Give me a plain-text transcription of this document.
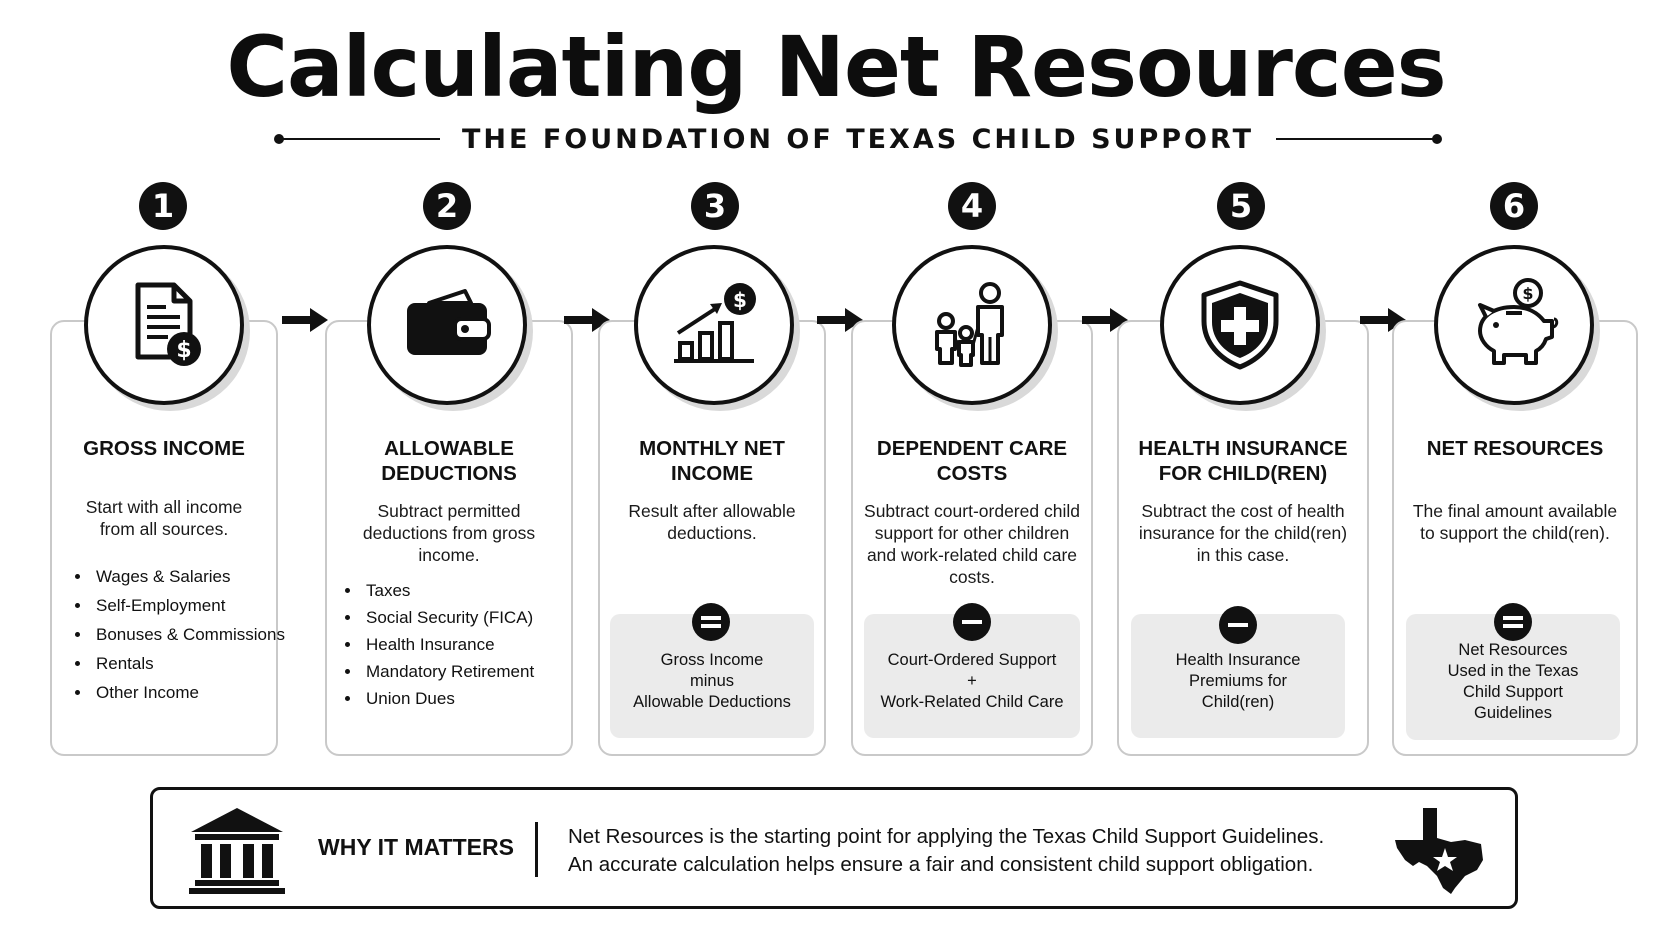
Calculating Net Resources
THE FOUNDATION OF TEXAS CHILD SUPPORT
1
$
GROSS INCOME
Start with all income from all sources.
• Wages & Salaries
• Self-Employment
• Bonuses & Commissions
• Rentals
• Other Income
2
ALLOWABLE DEDUCTIONS
Subtract permitted deductions from gross income.
• Taxes
• Social Security (FICA)
• Health Insurance
• Mandatory Retirement
• Union Dues
3
$
MONTHLY NET INCOME
Result after allowable deductions.
Gross Income
minus
Allowable Deductions
4
DEPENDENT CARE COSTS
Subtract court-ordered child support for other children and work-related child care costs.
Court-Ordered Support
+
Work-Related Child Care
5
HEALTH INSURANCE FOR CHILD(REN)
Subtract the cost of health insurance for the child(ren) in this case.
Health Insurance
Premiums for
Child(ren)
6
$
NET RESOURCES
The final amount available to support the child(ren).
Net Resources
Used in the Texas
Child Support
Guidelines
WHY IT MATTERS	Net Resources is the starting point for applying the Texas Child Support Guidelines.
An accurate calculation helps ensure a fair and consistent child support obligation.
